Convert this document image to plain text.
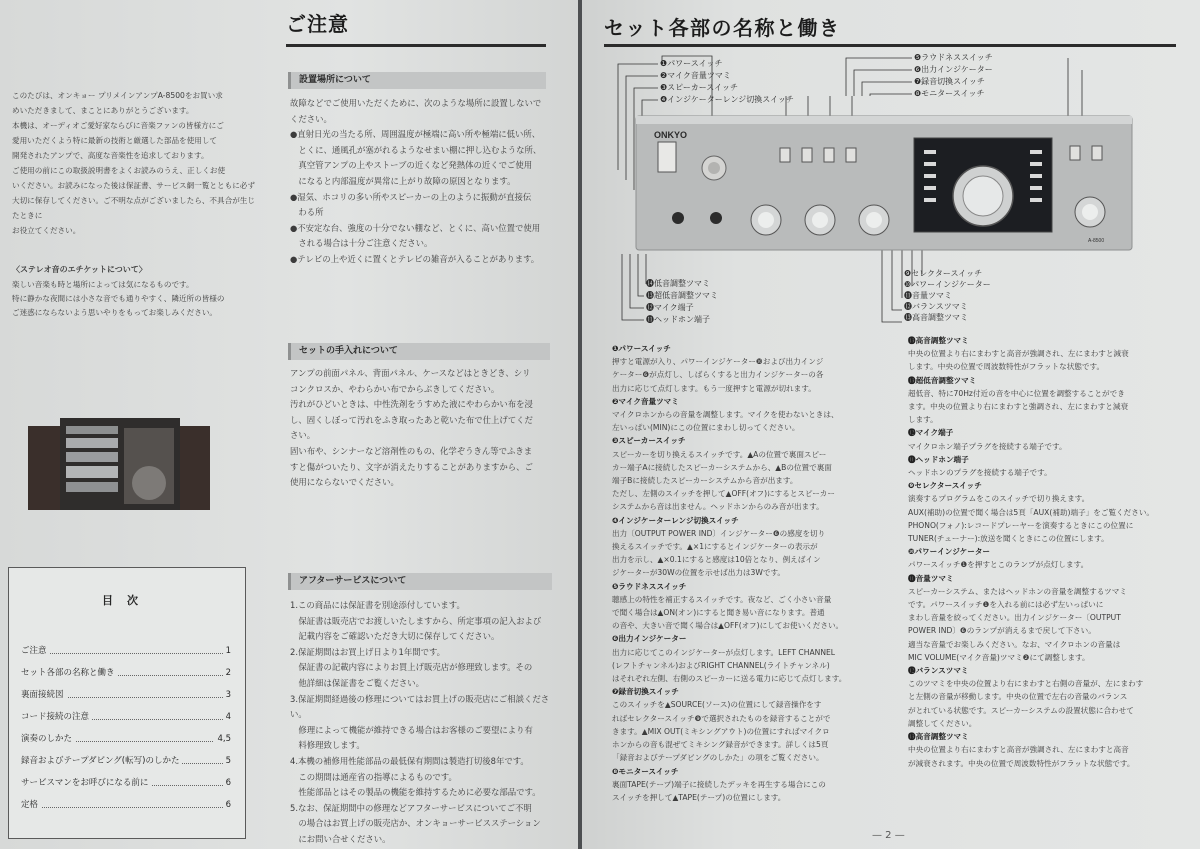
このたびは、オンキョー プリメインアンプA-8500をお買い求

めいただきまして、まことにありがとうございます。

本機は、オーディオご愛好家ならびに音楽ファンの皆様方にご

愛用いただくよう特に最新の技術と厳選した部品を使用して

開発されたアンプで、高度な音楽性を追求しております。

ご使用の前にこの取扱説明書をよくお読みのうえ、正しくお使

いください。お読みになった後は保証書、サービス網一覧とともに必ず

大切に保存してください。ご不明な点がございましたら、不具合が生じたときに

お役立てください。

〈ステレオ音のエチケットについて〉

楽しい音楽も時と場所によっては気になるものです。

特に静かな夜間には小さな音でも通りやすく、隣近所の皆様の

ご迷惑にならないよう思いやりをもってお楽しみください。

ご注意
設置場所について

故障などでご使用いただくために、次のような場所に設置しないで

ください。

●直射日光の当たる所、周囲温度が極端に高い所や極端に低い所、

　とくに、通風孔が塞がれるようなせまい棚に押し込むような所、

　真空管アンプの上やストーブの近くなど発熱体の近くでご使用

　になると内部温度が異常に上がり故障の原因となります。

●湿気、ホコリの多い所やスピーカーの上のように振動が直接伝

　わる所

●不安定な台、強度の十分でない棚など、とくに、高い位置で使用

　される場合は十分ご注意ください。

●テレビの上や近くに置くとテレビの雑音が入ることがあります。

セットの手入れについて

アンプの前面パネル、背面パネル、ケースなどはときどき、シリ

コンクロスか、やわらかい布でからぶきしてください。

汚れがひどいときは、中性洗剤をうすめた液にやわらかい布を浸

し、固くしぼって汚れをふき取ったあと乾いた布で仕上げてくだ

さい。

固い布や、シンナーなど溶剤性のもの、化学ぞうきん等でふきま

すと傷がついたり、文字が消えたりすることがありますから、ご

使用にならないでください。

アフターサービスについて

1.この商品には保証書を別途添付しています。

　保証書は販売店でお渡しいたしますから、所定事項の記入および

　記載内容をご確認いただき大切に保存してください。

2.保証期間はお買上げ日より1年間です。

　保証書の記載内容によりお買上げ販売店が修理致します。その

　他詳細は保証書をご覧ください。

3.保証期間経過後の修理についてはお買上げの販売店にご相談ください。

　修理によって機能が維持できる場合はお客様のご要望により有

　料修理致します。

4.本機の補修用性能部品の最低保有期間は製造打切後8年です。

　この期間は通産省の指導によるものです。

　性能部品とはその製品の機能を維持するために必要な部品です。

5.なお、保証期間中の修理などアフターサービスについてご不明

　の場合はお買上げの販売店か、オンキョーサービスステーション

　にお問い合せください。

目次
ご注意	1
セット各部の名称と働き	2
裏面接続図	3
コード接続の注意	4
演奏のしかた	4,5
録音およびテープダビング(転写)のしかた	5
サービスマンをお呼びになる前に	6
定格	6
セット各部の名称と働き
ONKYO
A-8500
❶パワースイッチ
❷マイク音量ツマミ
❸スピーカースイッチ
❹インジケーターレンジ切換スイッチ
❺ラウドネススイッチ
❻出力インジケーター
❼録音切換スイッチ
❽モニタースイッチ
⓮低音調整ツマミ
⓭超低音調整ツマミ
⓬マイク端子
⓫ヘッドホン端子
❾セレクタースイッチ
❿パワーインジケーター
⓫音量ツマミ
⓬バランスツマミ
⓭高音調整ツマミ

❶パワースイッチ

押すと電源が入り、パワーインジケーター❿および出力インジ

ケーター❻が点灯し、しばらくすると出力インジケーターの各

出力に応じて点灯します。もう一度押すと電源が切れます。

❷マイク音量ツマミ

マイクロホンからの音量を調整します。マイクを使わないときは、

左いっぱい(MIN)にこの位置にまわし切ってください。

❸スピーカースイッチ

スピーカーを切り換えるスイッチです。▲Aの位置で裏面スピー

カー端子Aに接続したスピーカーシステムから、▲Bの位置で裏面

端子Bに接続したスピーカーシステムから音が出ます。

ただし、左側のスイッチを押して▲OFF(オフ)にするとスピーカー

システムから音は出ません。ヘッドホンからのみ音が出ます。

❹インジケーターレンジ切換スイッチ

出力〔OUTPUT POWER IND〕インジケーター❻の感度を切り

換えるスイッチです。▲×1にするとインジケーターの表示が

出力を示し、▲×0.1にすると感度は10倍となり、例えばイン

ジケーターが30Wの位置を示せば出力は3Wです。

❺ラウドネススイッチ

聴感上の特性を補正するスイッチです。夜など、ごく小さい音量

で聞く場合は▲ON(オン)にすると聞き易い音になります。普通

の音や、大きい音で聞く場合は▲OFF(オフ)にしてお使いください。

❻出力インジケーター

出力に応じてこのインジケーターが点灯します。LEFT CHANNEL

(レフトチャンネル)およびRIGHT CHANNEL(ライトチャンネル)

はそれぞれ左側、右側のスピーカーに送る電力に応じて点灯します。

❼録音切換スイッチ

このスイッチを▲SOURCE(ソース)の位置にして録音操作をす

ればセレクタースイッチ❾で選択されたものを録音することがで

きます。▲MIX OUT(ミキシングアウト)の位置にすればマイクロ

ホンからの音も混ぜてミキシング録音ができます。詳しくは5頁

「録音およびテープダビングのしかた」の項をご覧ください。

❽モニタースイッチ

裏面TAPE(テープ)端子に接続したデッキを再生する場合にこの

スイッチを押して▲TAPE(テープ)の位置にします。

⓭高音調整ツマミ

中央の位置より右にまわすと高音が強調され、左にまわすと減衰

します。中央の位置で周波数特性がフラットな状態です。

⓭超低音調整ツマミ

超低音、特に70Hz付近の音を中心に位置を調整することができ

ます。中央の位置より右にまわすと強調され、左にまわすと減衰

します。

⓬マイク端子

マイクロホン端子プラグを接続する端子です。

⓫ヘッドホン端子

ヘッドホンのプラグを接続する端子です。

❾セレクタースイッチ

演奏するプログラムをこのスイッチで切り換えます。

AUX(補助)の位置で聞く場合は5頁「AUX(補助)端子」をご覧ください。

PHONO(フォノ):レコードプレーヤーを演奏するときにこの位置に

TUNER(チューナー):放送を聞くときにこの位置にします。

❿パワーインジケーター

パワースイッチ❶を押すとこのランプが点灯します。

⓫音量ツマミ

スピーカーシステム、またはヘッドホンの音量を調整するツマミ

です。パワースイッチ❶を入れる前には必ず左いっぱいに

まわし音量を絞ってください。出力インジケーター〔OUTPUT

POWER IND〕❻のランプが消えるまで戻して下さい。

適当な音量でお楽しみください。なお、マイクロホンの音量は

MIC VOLUME(マイク音量)ツマミ❷にて調整します。

⓬バランスツマミ

このツマミを中央の位置より右にまわすと右側の音量が、左にまわす

と左側の音量が移動します。中央の位置で左右の音量のバランス

がとれている状態です。スピーカーシステムの設置状態に合わせて

調整してください。

⓭高音調整ツマミ

中央の位置より右にまわすと高音が強調され、左にまわすと高音

が減衰されます。中央の位置で周波数特性がフラットな状態です。

— 2 —
